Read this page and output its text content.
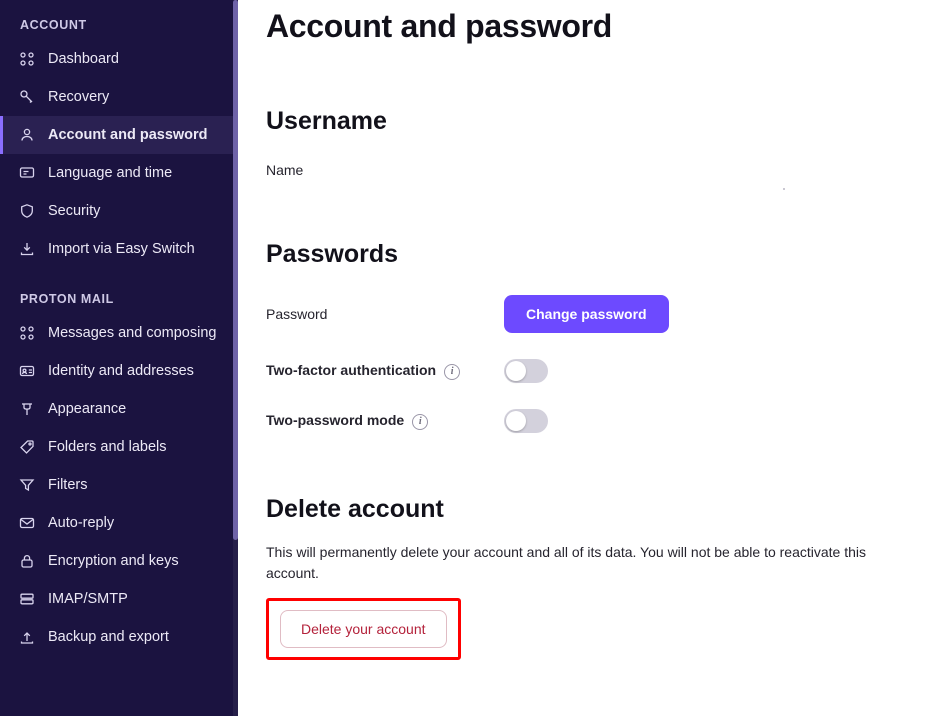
ACCOUNT
Dashboard
Recovery
Account and password
Language and time
Security
Import via Easy Switch
PROTON MAIL
Messages and composing
Identity and addresses
Appearance
Folders and labels
Filters
Auto-reply
Encryption and keys
IMAP/SMTP
Backup and export
Account and password
Username
Name
Passwords
Password	Change password
Two-factor authentication i
Two-password mode i
Delete account

This will permanently delete your account and all of its data. You will not be able to reactivate this account.

Delete your account
